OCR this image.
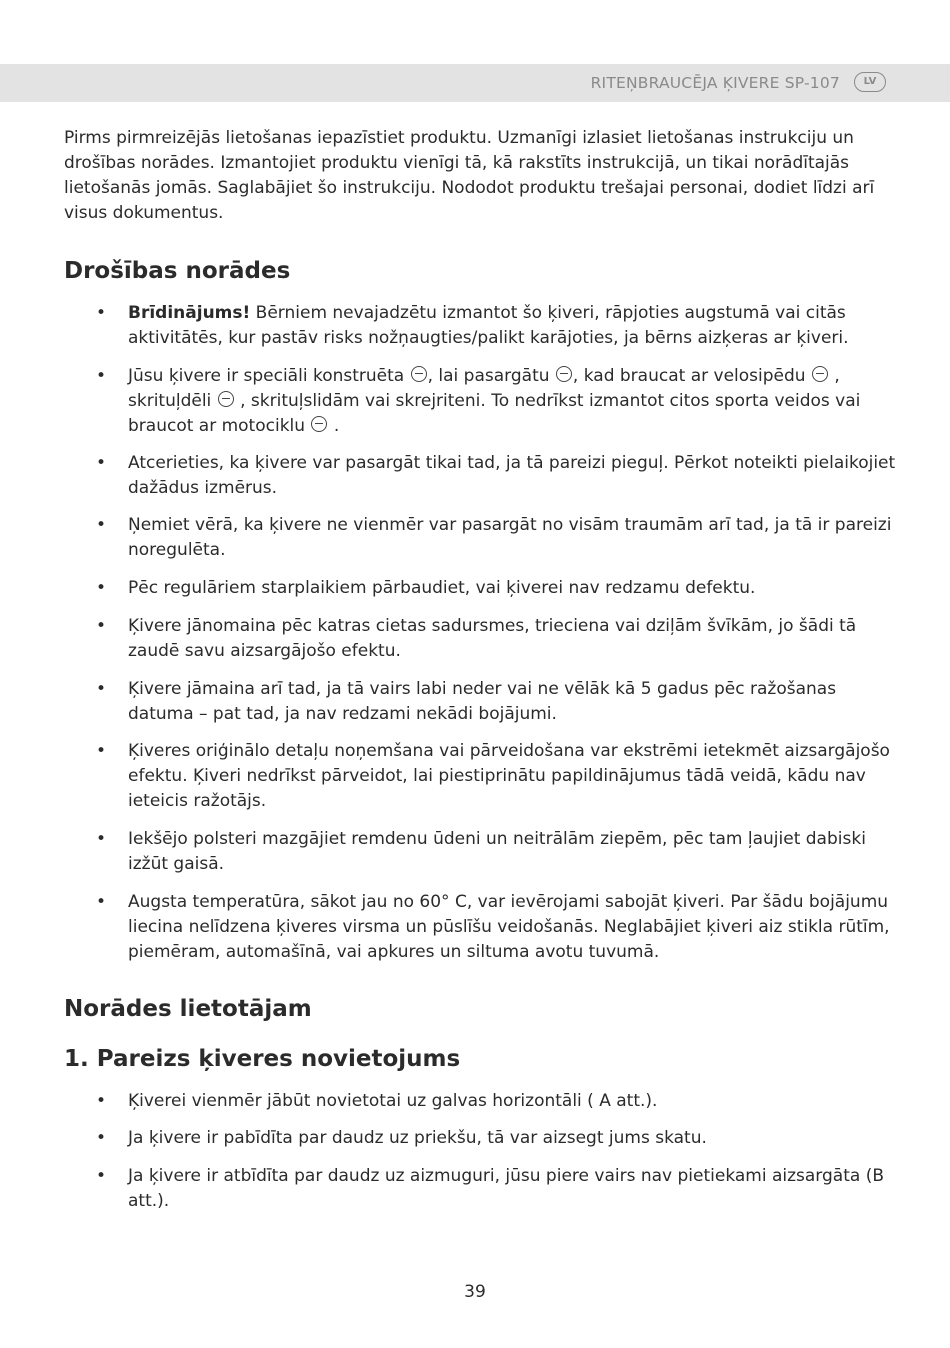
RITEŅBRAUCĒJA ĶIVERE SP-107	LV

Pirms pirmreizējās lietošanas iepazīstiet produktu. Uzmanīgi izlasiet lietošanas instrukciju un drošības norādes. Izmantojiet produktu vienīgi tā, kā rakstīts instrukcijā, un tikai norādītajās lietošanās jomās. Saglabājiet šo instrukciju. Nododot produktu trešajai personai, dodiet līdzi arī visus dokumentus.

Drošības norādes
• Brīdinājums! Bērniem nevajadzētu izmantot šo ķiveri, rāpjoties augstumā vai citās aktivitātēs, kur pastāv risks nožņaugties/palikt karājoties, ja bērns aizķeras ar ķiveri.
• Jūsu ķivere ir speciāli konstruēta , lai pasargātu , kad braucat ar velosipēdu  , skrituļdēli  , skrituļslidām vai skrejriteni. To nedrīkst izmantot citos sporta veidos vai braucot ar motociklu  .
• Atcerieties, ka ķivere var pasargāt tikai tad, ja tā pareizi pieguļ. Pērkot noteikti pielaikojiet dažādus izmērus.
• Ņemiet vērā, ka ķivere ne vienmēr var pasargāt no visām traumām arī tad, ja tā ir pareizi noregulēta.
• Pēc regulāriem starplaikiem pārbaudiet, vai ķiverei nav redzamu defektu.
• Ķivere jānomaina pēc katras cietas sadursmes, trieciena vai dziļām švīkām, jo šādi tā zaudē savu aizsargājošo efektu.
• Ķivere jāmaina arī tad, ja tā vairs labi neder vai ne vēlāk kā 5 gadus pēc ražošanas datuma – pat tad, ja nav redzami nekādi bojājumi.
• Ķiveres oriģinālo detaļu noņemšana vai pārveidošana var ekstrēmi ietekmēt aizsargājošo efektu. Ķiveri nedrīkst pārveidot, lai piestiprinātu papildinājumus tādā veidā, kādu nav ieteicis ražotājs.
• Iekšējo polsteri mazgājiet remdenu ūdeni un neitrālām ziepēm, pēc tam ļaujiet dabiski izžūt gaisā.
• Augsta temperatūra, sākot jau no 60° C, var ievērojami sabojāt ķiveri. Par šādu bojājumu liecina nelīdzena ķiveres virsma un pūslīšu veidošanās. Neglabājiet ķiveri aiz stikla rūtīm, piemēram, automašīnā, vai apkures un siltuma avotu tuvumā.
Norādes lietotājam
1. Pareizs ķiveres novietojums
• Ķiverei vienmēr jābūt novietotai uz galvas horizontāli ( A att.).
• Ja ķivere ir pabīdīta par daudz uz priekšu, tā var aizsegt jums skatu.
• Ja ķivere ir atbīdīta par daudz uz aizmuguri, jūsu piere vairs nav pietiekami aizsargāta (B att.).
39
